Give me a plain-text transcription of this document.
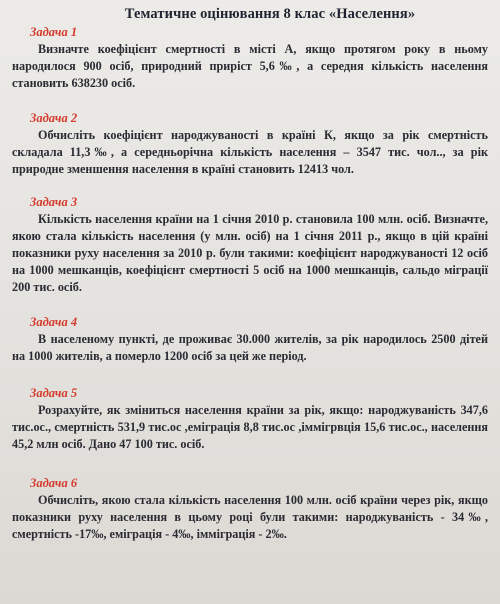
Тематичне оцінювання 8 клас «Населення»
Задача 1

Визначте коефіцієнт смертності в місті А, якщо протягом року в ньому народилося 900 осіб, природний приріст 5,6‰, а середня кількість населення становить 638230 осіб.

Задача 2

Обчисліть коефіцієнт народжуваності в країні К, якщо за рік смертність складала 11,3‰, а середньорічна кількість населення – 3547 тис. чол.., за рік природне зменшення населення в країні становить 12413 чол.

Задача 3

Кількість населення країни на 1 січня 2010 р. становила 100 млн. осіб. Визначте, якою стала кількість населення (у млн. осіб) на 1 січня 2011 р., якщо в цій країні показники руху населення за 2010 р. були такими: коефіцієнт народжуваності 12 осіб на 1000 мешканців, коефіцієнт смертності 5 осіб на 1000 мешканців, сальдо міграції 200 тис. осіб.

Задача 4

В населеному пункті, де проживає 30.000 жителів, за рік народилось 2500 дітей на 1000 жителів, а померло 1200 осіб за цей же період.

Задача 5

Розрахуйте, як зміниться населення країни за рік, якщо: народжуваність 347,6 тис.ос., смертність 531,9 тис.ос ,еміграція 8,8 тис.ос ,іммігрвція 15,6 тис.ос., населення 45,2 млн осіб. Дано 47 100 тис. осіб.

Задача 6

Обчисліть, якою стала кількість населення 100 млн. осіб країни через рік, якщо показники руху населення в цьому році були такими: народжуваність - 34‰, смертність -17‰, еміграція - 4‰, імміграція - 2‰.
